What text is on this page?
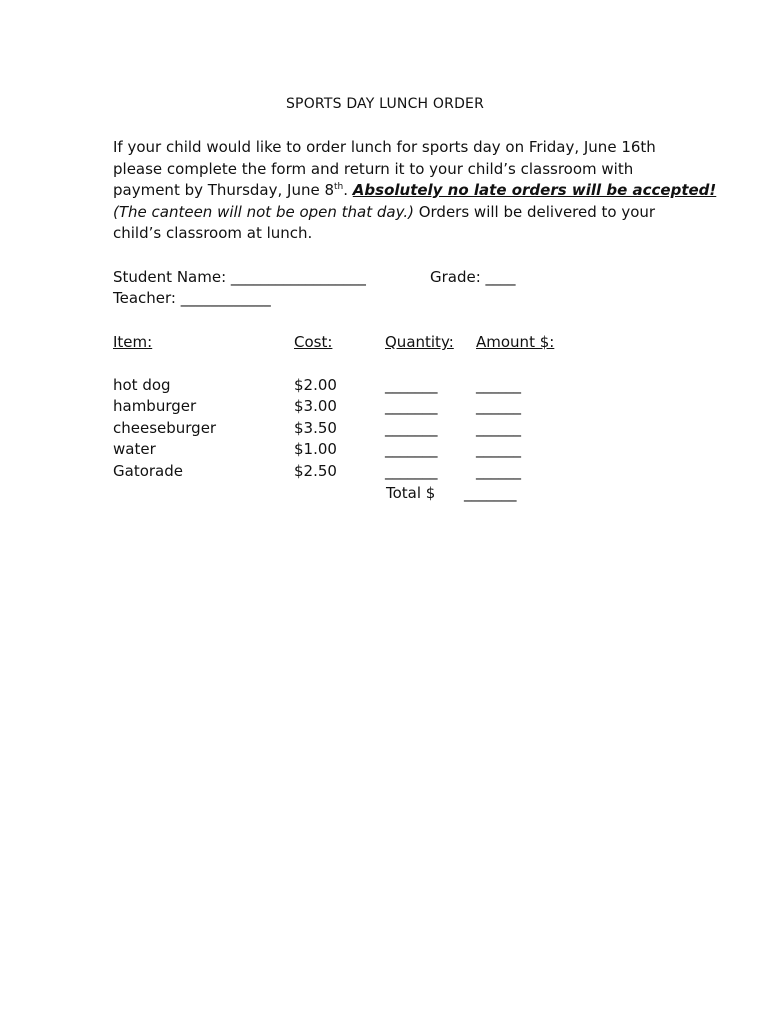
SPORTS DAY LUNCH ORDER
If your child would like to order lunch for sports day on Friday, June 16th
please complete the form and return it to your child’s classroom with
payment by Thursday, June 8th. Absolutely no late orders will be accepted!
(The canteen will not be open that day.) Orders will be delivered to your
child’s classroom at lunch.
Student Name: __________________	Grade: ____
Teacher: ____________
Item:	Cost:	Quantity: Amount $:
hot dog	$2.00	_______	______
hamburger	$3.00	_______	______
cheeseburger	$3.50	_______	______
water	$1.00	_______	______
Gatorade	$2.50	_______	______
Total $ _______
